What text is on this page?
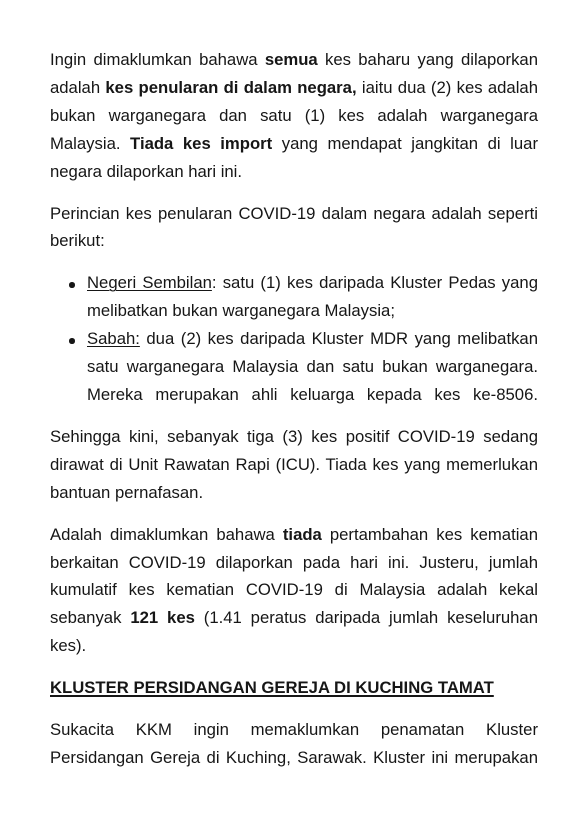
Ingin dimaklumkan bahawa semua kes baharu yang dilaporkan
adalah kes penularan di dalam negara, iaitu dua (2) kes adalah
bukan warganegara dan satu (1) kes adalah warganegara
Malaysia. Tiada kes import yang mendapat jangkitan di luar
negara dilaporkan hari ini.
Perincian kes penularan COVID-19 dalam negara adalah seperti
berikut:
Negeri Sembilan: satu (1) kes daripada Kluster Pedas yang
melibatkan bukan warganegara Malaysia;
Sabah: dua (2) kes daripada Kluster MDR yang melibatkan
satu warganegara Malaysia dan satu bukan warganegara.
Mereka merupakan ahli keluarga kepada kes ke-8506.
Sehingga kini, sebanyak tiga (3) kes positif COVID-19 sedang
dirawat di Unit Rawatan Rapi (ICU). Tiada kes yang memerlukan
bantuan pernafasan.
Adalah dimaklumkan bahawa tiada pertambahan kes kematian
berkaitan COVID-19 dilaporkan pada hari ini. Justeru, jumlah
kumulatif kes kematian COVID-19 di Malaysia adalah kekal
sebanyak 121 kes (1.41 peratus daripada jumlah keseluruhan
kes).
KLUSTER PERSIDANGAN GEREJA DI KUCHING TAMAT
Sukacita KKM ingin memaklumkan penamatan Kluster
Persidangan Gereja di Kuching, Sarawak. Kluster ini merupakan
